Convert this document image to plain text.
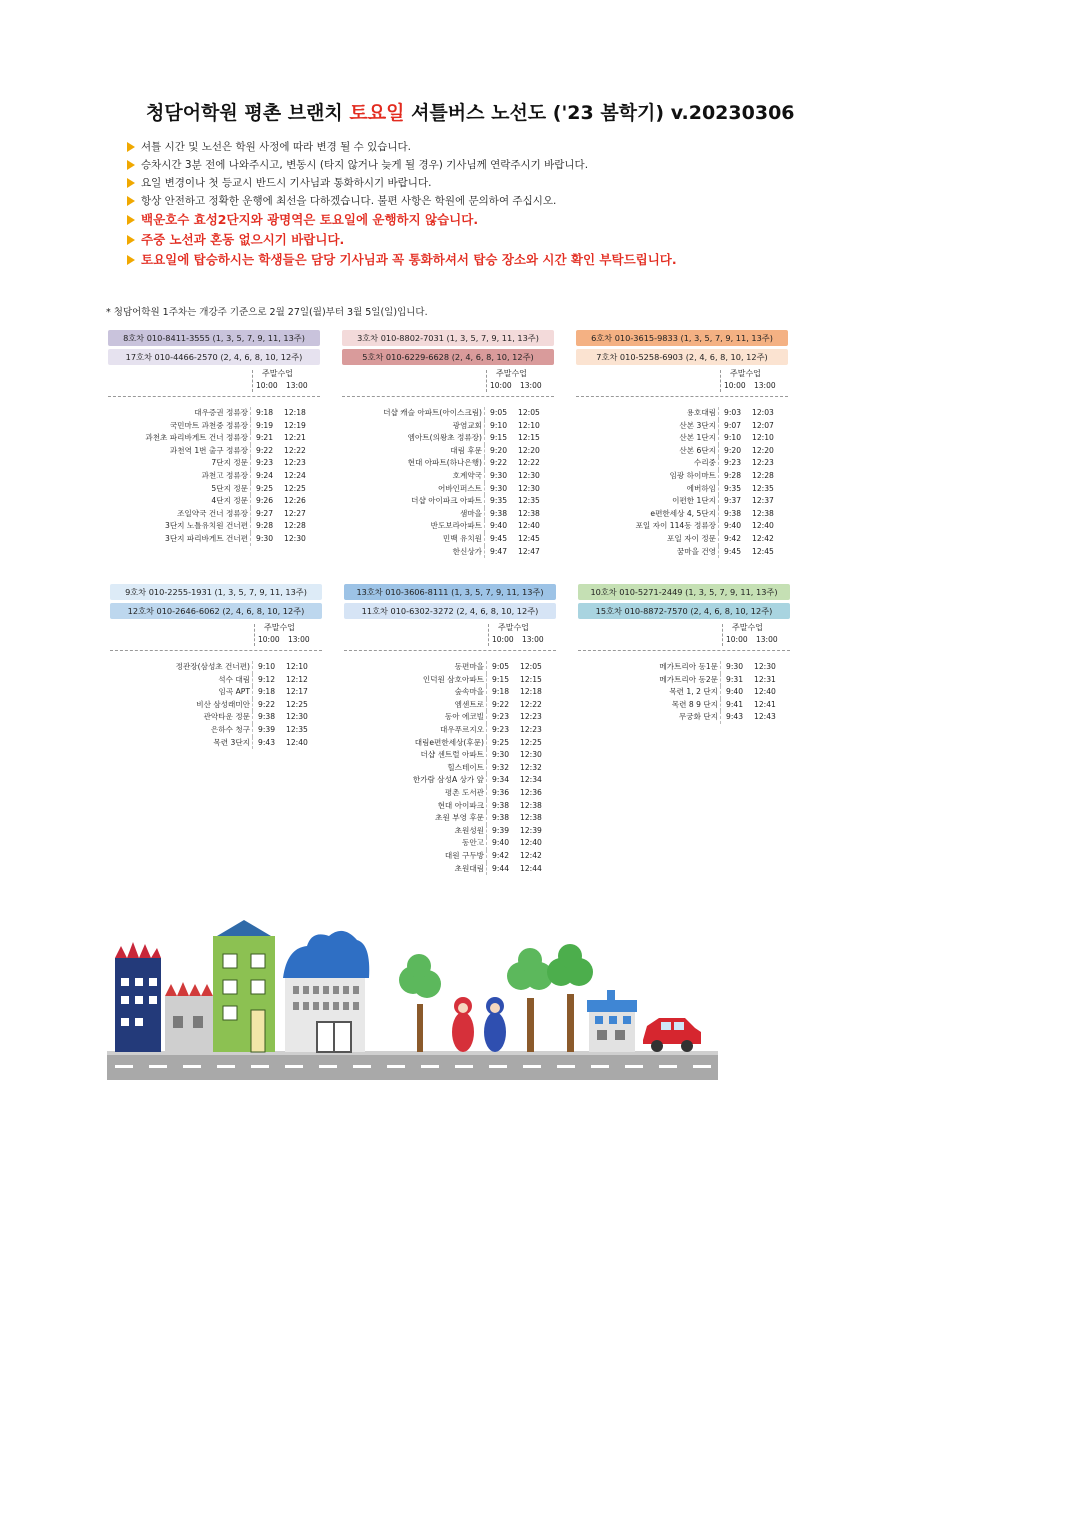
청담어학원 평촌 브랜치 토요일 셔틀버스 노선도 ('23 봄학기) v.20230306
셔틀 시간 및 노선은 학원 사정에 따라 변경 될 수 있습니다.
승차시간 3분 전에 나와주시고, 변동시 (타지 않거나 늦게 될 경우) 기사님께 연락주시기 바랍니다.
요일 변경이나 첫 등교시 반드시 기사님과 통화하시기 바랍니다.
항상 안전하고 정확한 운행에 최선을 다하겠습니다. 불편 사항은 학원에 문의하여 주십시오.
백운호수 효성2단지와 광명역은 토요일에 운행하지 않습니다.
주중 노선과 혼동 없으시기 바랍니다.
토요일에 탑승하시는 학생들은 담당 기사님과 꼭 통화하셔서 탑승 장소와 시간 확인 부탁드립니다.
* 청담어학원 1주차는 개강주 기준으로 2월 27일(월)부터 3월 5일(일)입니다.
8호차 010-8411-3555 (1, 3, 5, 7, 9, 11, 13주)
17호차 010-4466-2570 (2, 4, 6, 8, 10, 12주)
주말수업
10:00 13:00
대우증권 정류장	9:18 12:18
국민마트 과천중 정류장	9:19 12:19
과천초 파리바게트 건너 정류장	9:21 12:21
과천역 1번 출구 정류장	9:22 12:22
7단지 정문	9:23 12:23
과천고 정류장	9:24 12:24
5단지 정문	9:25 12:25
4단지 정문	9:26 12:26
조일약국 건너 정류장	9:27 12:27
3단지 노틀유치원 건너편	9:28 12:28
3단지 파리바게트 건너편	9:30 12:30
3호차 010-8802-7031 (1, 3, 5, 7, 9, 11, 13주)
5호차 010-6229-6628 (2, 4, 6, 8, 10, 12주)
주말수업
10:00 13:00
더샵 캐슬 아파트(아이스크림)	9:05 12:05
광염교회	9:10 12:10
엠아트(의왕초 정류장)	9:15 12:15
대림 후문	9:20 12:20
현대 아파트(하나은행)	9:22 12:22
호계약국	9:30 12:30
어바인퍼스트	9:30 12:30
더샵 아이파크 아파트	9:35 12:35
샘마을	9:38 12:38
반도보라아파트	9:40 12:40
민백 유치원	9:45 12:45
한신상가	9:47 12:47
6호차 010-3615-9833 (1, 3, 5, 7, 9, 11, 13주)
7호차 010-5258-6903 (2, 4, 6, 8, 10, 12주)
주말수업
10:00 13:00
용호대림	9:03 12:03
산본 3단지	9:07 12:07
산본 1단지	9:10 12:10
산본 6단지	9:20 12:20
수리중	9:23 12:23
임광 하이마트	9:28 12:28
에버하임	9:35 12:35
이편한 1단지	9:37 12:37
e편한세상 4, 5단지	9:38 12:38
포일 자이 114동 정류장	9:40 12:40
포일 자이 정문	9:42 12:42
꿈마을 건영	9:45 12:45
9호차 010-2255-1931 (1, 3, 5, 7, 9, 11, 13주)
12호차 010-2646-6062 (2, 4, 6, 8, 10, 12주)
주말수업
10:00 13:00
정관장(삼성초 건너편)	9:10 12:10
석수 대림	9:12 12:12
임곡 APT	9:18 12:17
비산 삼성래미안	9:22 12:25
관악타운 정문	9:38 12:30
은하수 청구	9:39 12:35
목련 3단지	9:43 12:40
13호차 010-3606-8111 (1, 3, 5, 7, 9, 11, 13주)
11호차 010-6302-3272 (2, 4, 6, 8, 10, 12주)
주말수업
10:00 13:00
동편마을	9:05 12:05
인덕원 삼호아파트	9:15 12:15
숲속마을	9:18 12:18
엠센트로	9:22 12:22
동아 에코빌	9:23 12:23
대우푸르지오	9:23 12:23
대림e편한세상(후문)	9:25 12:25
더샵 센트럴 아파트	9:30 12:30
힐스테이트	9:32 12:32
한가람 삼성A 상가 앞	9:34 12:34
평촌 도서관	9:36 12:36
현대 아이파크	9:38 12:38
초원 부영 후문	9:38 12:38
초원성원	9:39 12:39
동안고	9:40 12:40
대원 구두방	9:42 12:42
초원대림	9:44 12:44
10호차 010-5271-2449 (1, 3, 5, 7, 9, 11, 13주)
15호차 010-8872-7570 (2, 4, 6, 8, 10, 12주)
주말수업
10:00 13:00
메가트리아 동1문	9:30 12:30
메가트리아 동2문	9:31 12:31
목련 1, 2 단지	9:40 12:40
목련 8 9 단지	9:41 12:41
무궁화 단지	9:43 12:43
